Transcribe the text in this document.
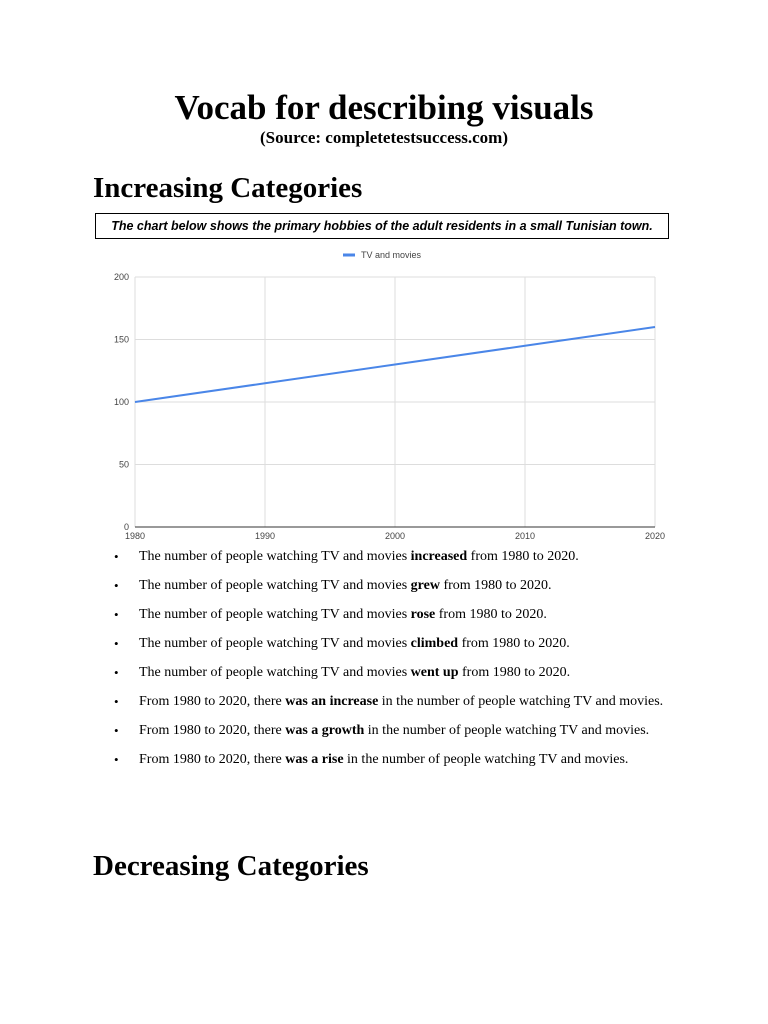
Vocab for describing visuals
(Source: completetestsuccess.com)
Increasing Categories
The chart below shows the primary hobbies of the adult residents in a small Tunisian town.
0
50
100
150
200
1980	1990	2000	2010	2020
TV and movies
• The number of people watching TV and movies increased from 1980 to 2020.
• The number of people watching TV and movies grew from 1980 to 2020.
• The number of people watching TV and movies rose from 1980 to 2020.
• The number of people watching TV and movies climbed from 1980 to 2020.
• The number of people watching TV and movies went up from 1980 to 2020.
• From 1980 to 2020, there was an increase in the number of people watching TV and movies.
• From 1980 to 2020, there was a growth in the number of people watching TV and movies.
• From 1980 to 2020, there was a rise in the number of people watching TV and movies.
Decreasing Categories
